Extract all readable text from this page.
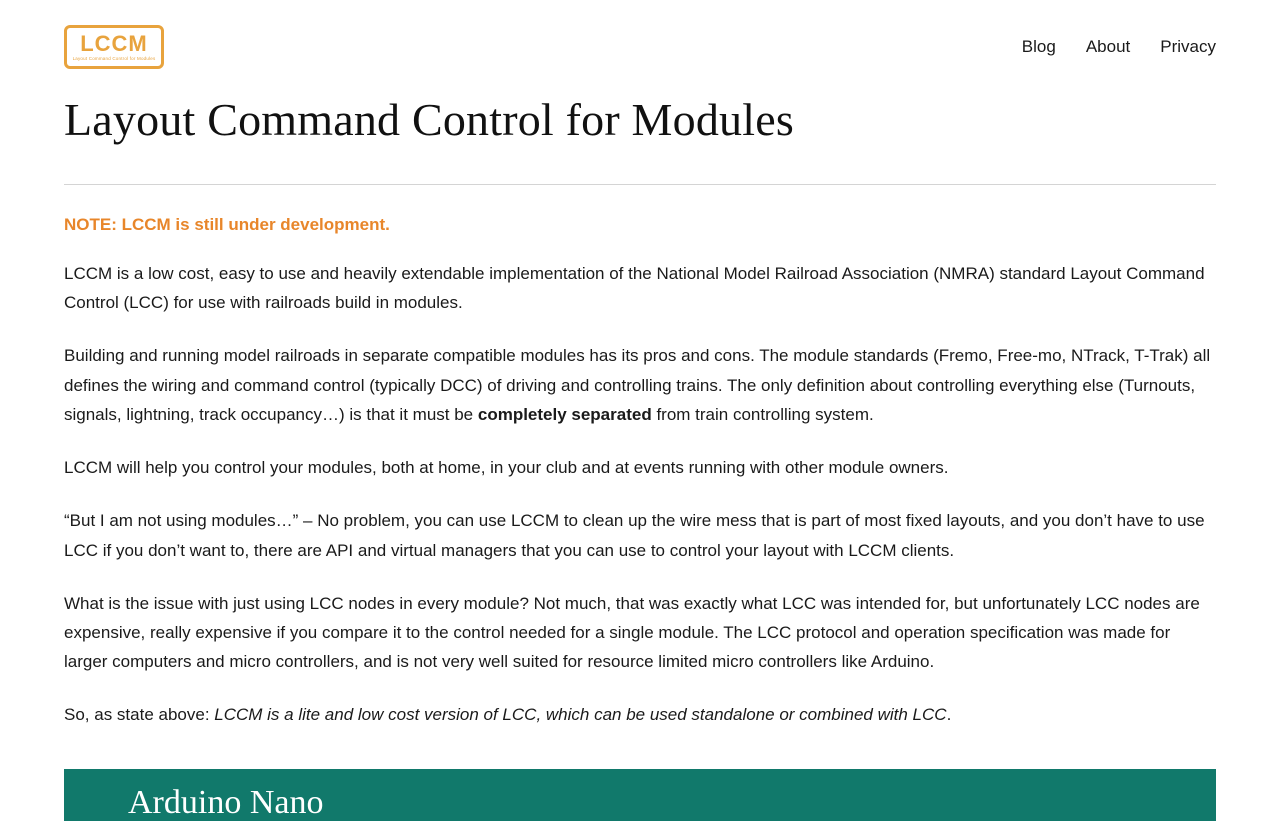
LCCM
Layout Command Control for Modules
Blog About Privacy
Layout Command Control for Modules

NOTE: LCCM is still under development.

LCCM is a low cost, easy to use and heavily extendable implementation of the National Model Railroad Association (NMRA) standard Layout Command Control (LCC) for use with railroads build in modules.

Building and running model railroads in separate compatible modules has its pros and cons. The module standards (Fremo, Free-mo, NTrack, T-Trak) all defines the wiring and command control (typically DCC) of driving and controlling trains. The only definition about controlling everything else (Turnouts, signals, lightning, track occupancy…) is that it must be completely separated from train controlling system.

LCCM will help you control your modules, both at home, in your club and at events running with other module owners.

“But I am not using modules…” – No problem, you can use LCCM to clean up the wire mess that is part of most fixed layouts, and you don’t have to use LCC if you don’t want to, there are API and virtual managers that you can use to control your layout with LCCM clients.

What is the issue with just using LCC nodes in every module? Not much, that was exactly what LCC was intended for, but unfortunately LCC nodes are expensive, really expensive if you compare it to the control needed for a single module. The LCC protocol and operation specification was made for larger computers and micro controllers, and is not very well suited for resource limited micro controllers like Arduino.

So, as state above: LCCM is a lite and low cost version of LCC, which can be used standalone or combined with LCC.

Arduino Nano
